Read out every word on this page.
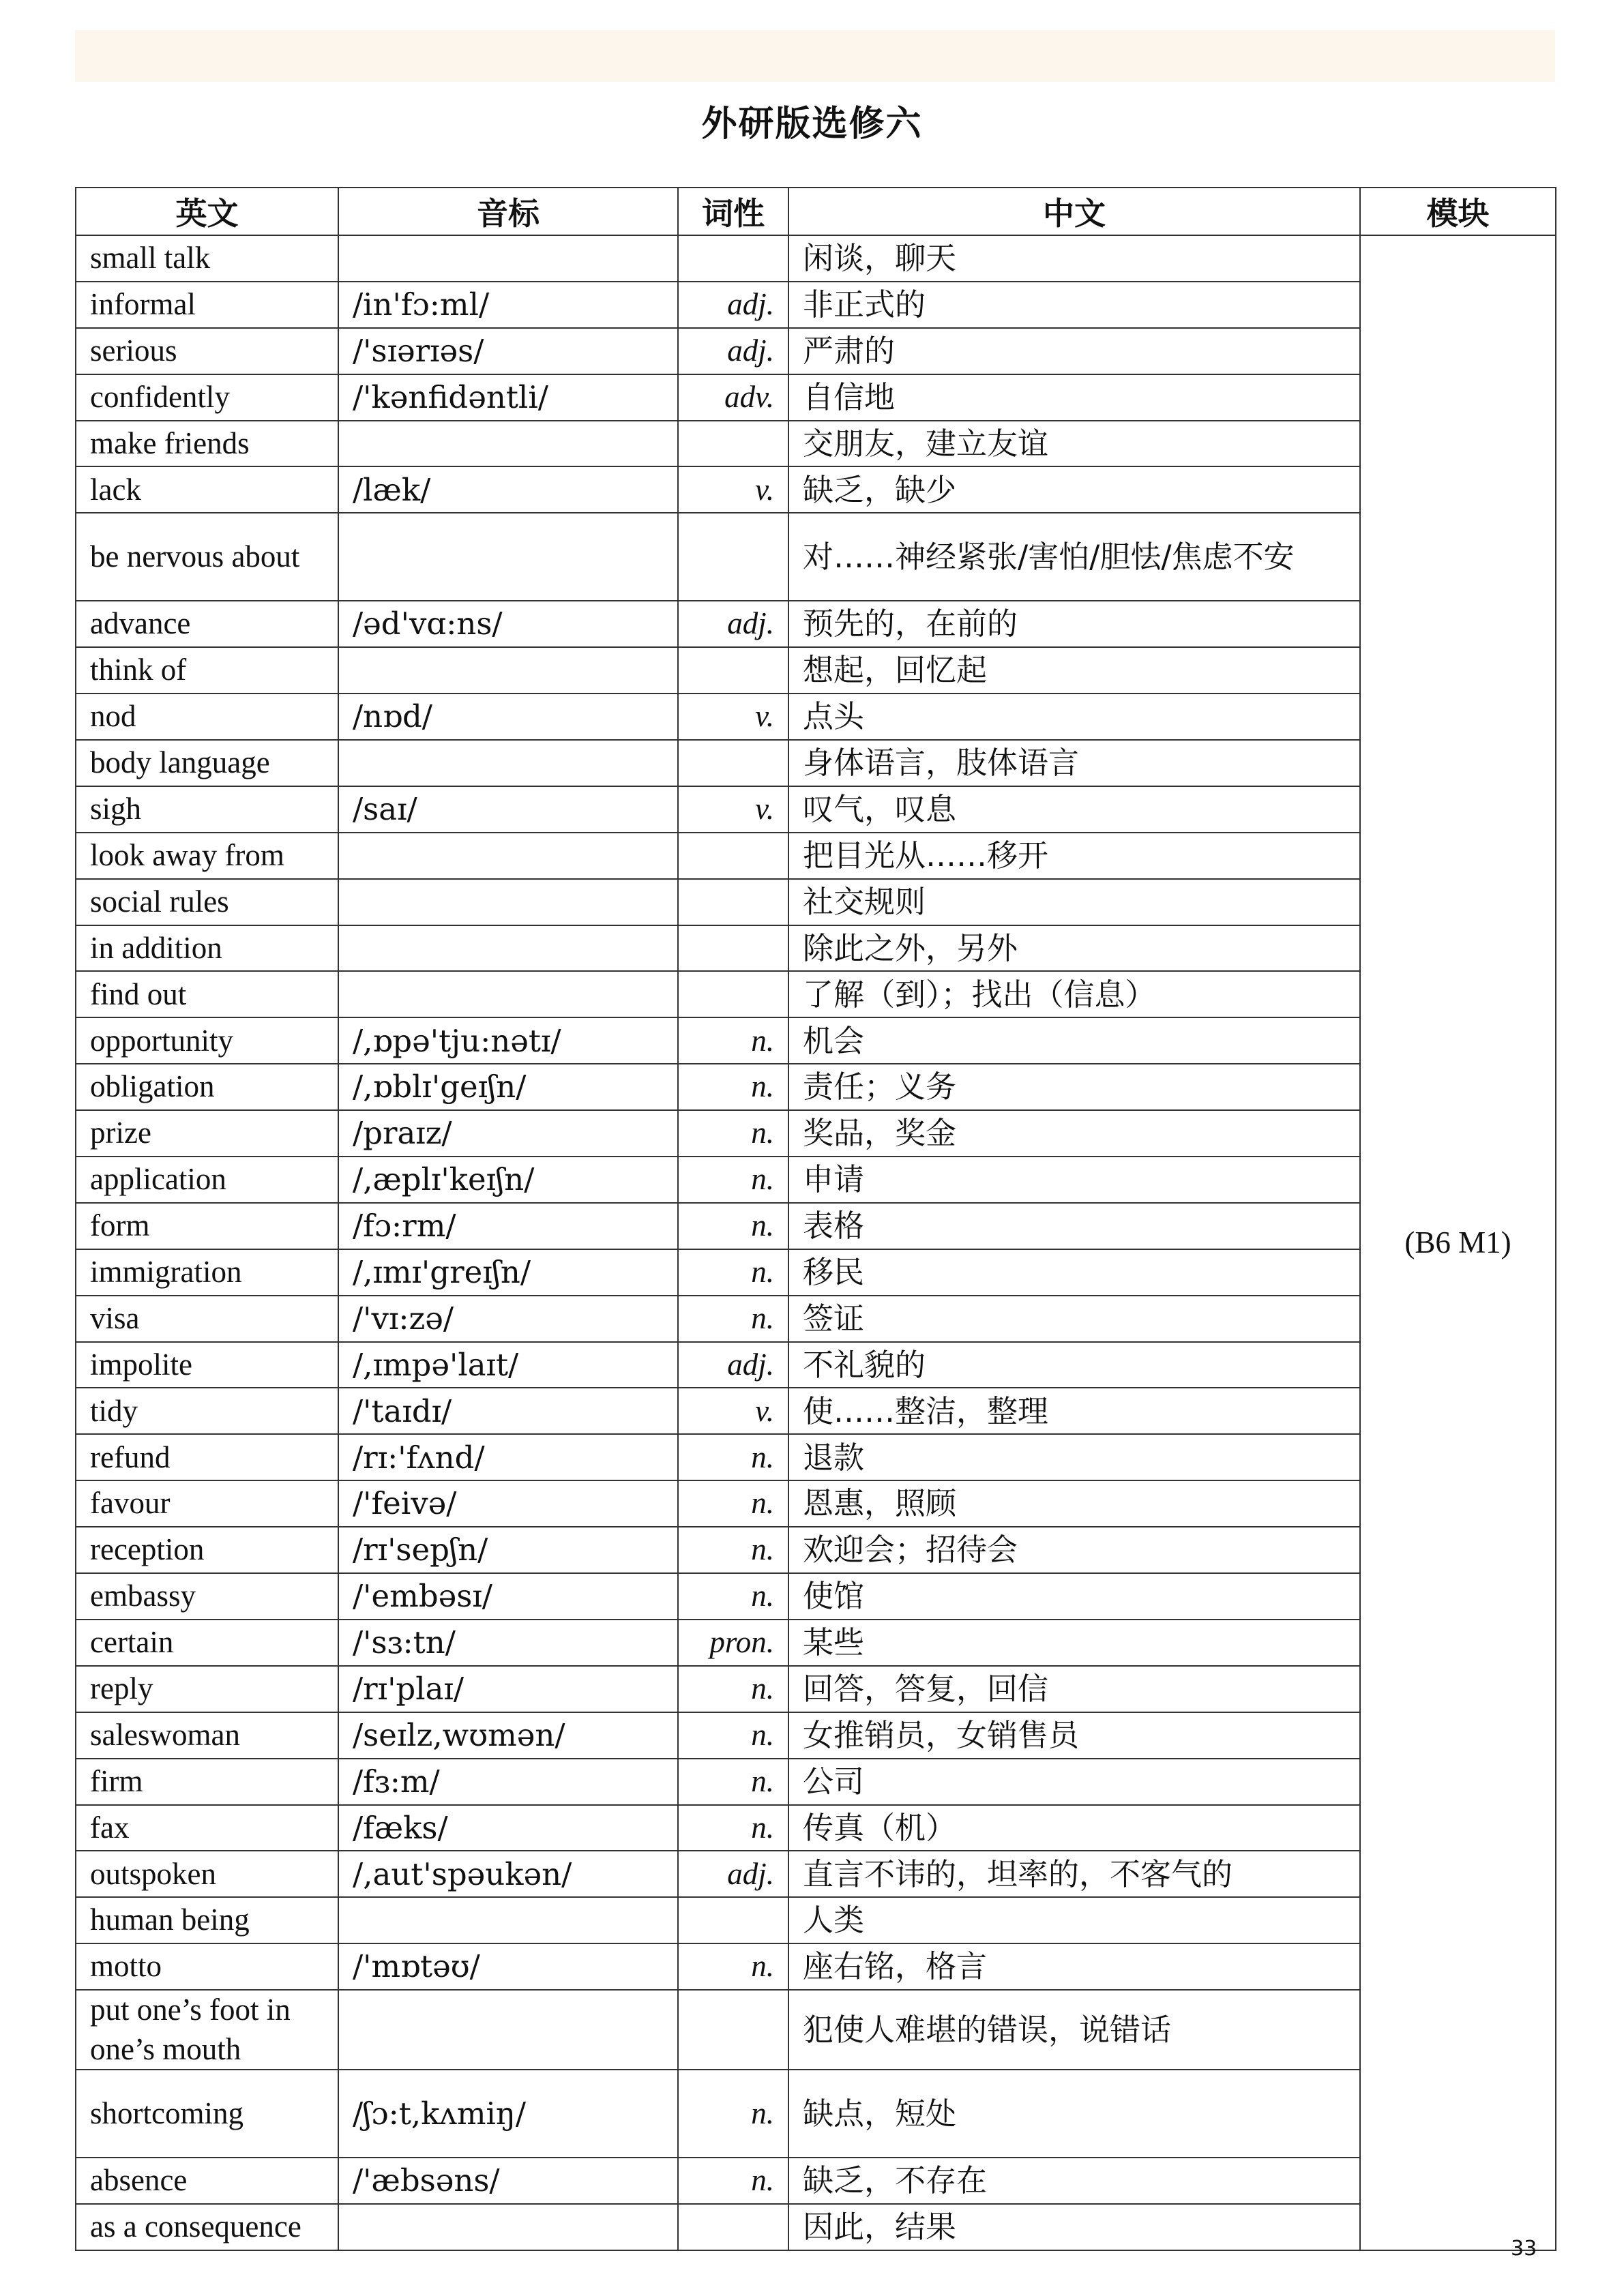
外研版选修六
英文	音标	词性	中文	模块
small talk			闲谈，聊天	(B6 M1)
informal	/in'fɔ:ml/	adj.	非正式的	
serious	/'sɪərɪəs/	adj.	严肃的	
confidently	/'kənfidəntli/	adv.	自信地	
make friends			交朋友，建立友谊	
lack	/læk/	v.	缺乏，缺少	
be nervous about			对……神经紧张/害怕/胆怯/焦虑不安	
advance	/əd'vɑ:ns/	adj.	预先的，在前的	
think of			想起，回忆起	
nod	/nɒd/	v.	点头	
body language			身体语言，肢体语言	
sigh	/saɪ/	v.	叹气，叹息	
look away from			把目光从……移开	
social rules			社交规则	
in addition			除此之外，另外	
find out			了解（到）；找出（信息）	
opportunity	/,ɒpə'tju:nətɪ/	n.	机会	
obligation	/,ɒblɪ'geɪʃn/	n.	责任；义务	
prize	/praɪz/	n.	奖品，奖金	
application	/,æplɪ'keɪʃn/	n.	申请	
form	/fɔ:rm/	n.	表格	
immigration	/,ɪmɪ'greɪʃn/	n.	移民	
visa	/'vɪ:zə/	n.	签证	
impolite	/,ɪmpə'laɪt/	adj.	不礼貌的	
tidy	/'taɪdɪ/	v.	使……整洁，整理	
refund	/rɪ:'fʌnd/	n.	退款	
favour	/'feivə/	n.	恩惠，照顾	
reception	/rɪ'sepʃn/	n.	欢迎会；招待会	
embassy	/'embəsɪ/	n.	使馆	
certain	/'sɜ:tn/	pron.	某些	
reply	/rɪ'plaɪ/	n.	回答，答复，回信	
saleswoman	/seɪlz,wʊmən/	n.	女推销员，女销售员	
firm	/fɜ:m/	n.	公司	
fax	/fæks/	n.	传真（机）	
outspoken	/,aut'spəukən/	adj.	直言不讳的，坦率的，不客气的	
human being			人类	
motto	/'mɒtəʊ/	n.	座右铭，格言	
put one’s foot in one’s mouth			犯使人难堪的错误，说错话	
shortcoming	/ʃɔ:t,kʌmiŋ/	n.	缺点，短处	
absence	/'æbsəns/	n.	缺乏，不存在	
as a consequence			因此，结果	
33
